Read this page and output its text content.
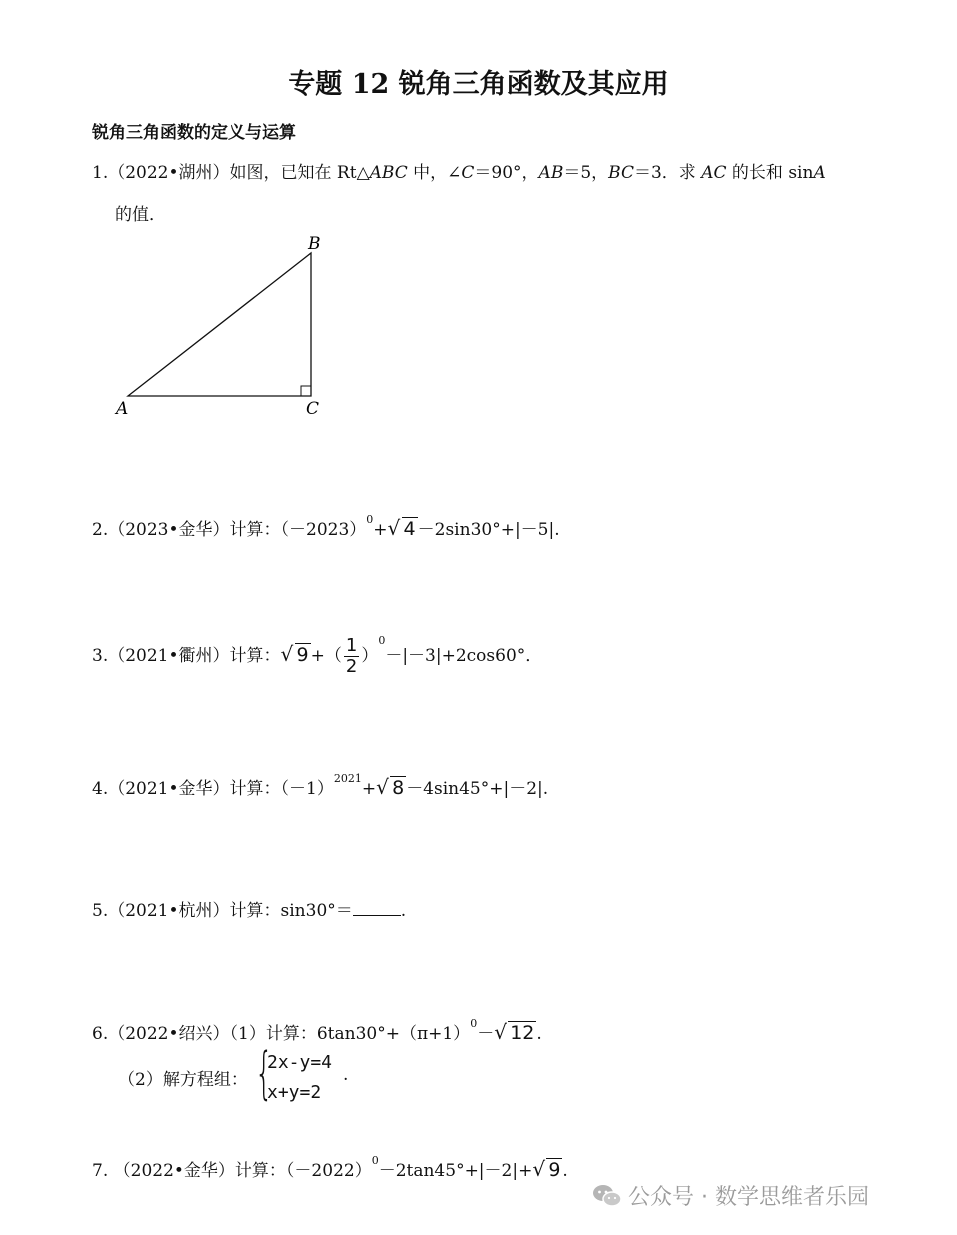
专题 12 锐角三角函数及其应用
锐角三角函数的定义与运算
1.（2022•湖州）如图，已知在 Rt△ABC 中，∠C＝90°，AB＝5，BC＝3．求 AC 的长和 sinA
的值．
A
B
C
2.（2023•金华）计算：$(-2023)^0+√$ 4 －2sin30°+|－5|.
3.（2021•衢州）计算：√ 9 +（ $\frac{1}{2} )^0-|-3|+2\cos 60^\circ$．
4.（2021•金华）计算：$(-1)^{2021}+√$ 8 －4sin45°+|－2|.
5.（2021•杭州）计算：sin30°＝	.
6.（2022•绍兴）（1）计算：$6\tan 30^\circ+(\pi+1)^0-√$ 12 .
（2）解方程组： {
2x-y=4
x+y=2
.
7. （2022•金华）计算：$(-2022)^0-2\tan 45^\circ+|-2|+√$ 9 .
公众号 · 数学思维者乐园
